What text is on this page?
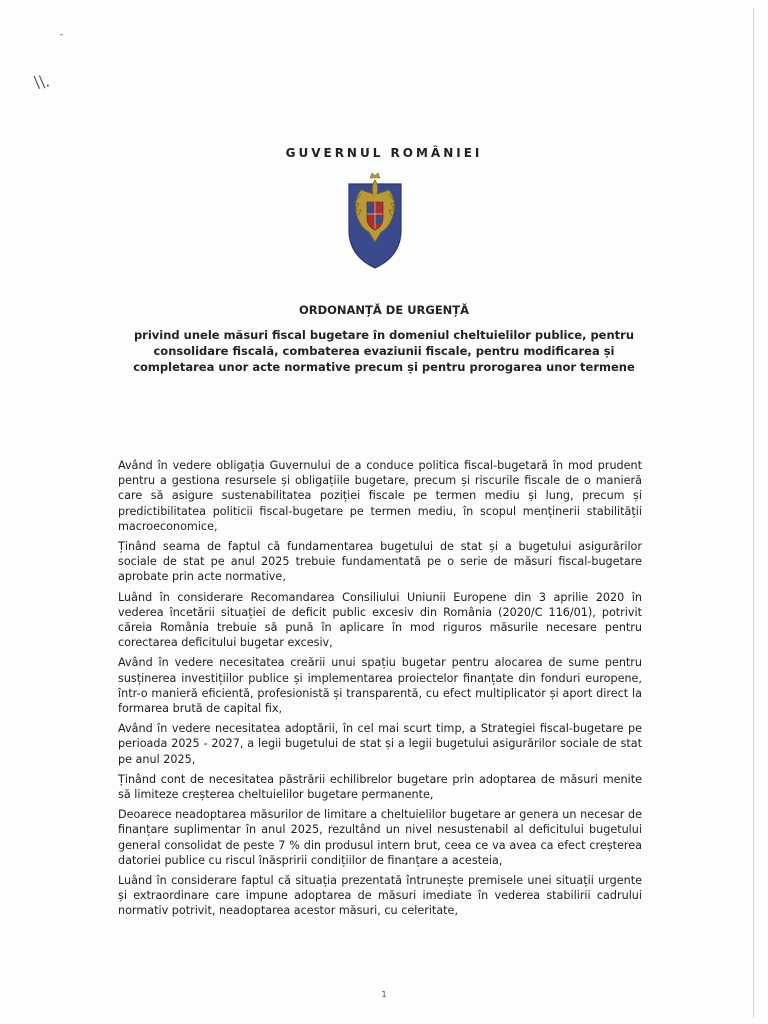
ˉ
\\.
GUVERNUL ROMÂNIEI
ORDONANȚĂ DE URGENȚĂ
privind unele măsuri fiscal bugetare în domeniul cheltuielilor publice, pentru consolidare fiscală, combaterea evaziunii fiscale, pentru modificarea și completarea unor acte normative precum și pentru prorogarea unor termene

Având în vedere obligația Guvernului de a conduce politica fiscal-bugetară în mod prudent pentru a gestiona resursele și obligațiile bugetare, precum și riscurile fiscale de o manieră care să asigure sustenabilitatea poziției fiscale pe termen mediu și lung, precum și predictibilitatea politicii fiscal-bugetare pe termen mediu, în scopul menținerii stabilității macroeconomice,

Ținând seama de faptul că fundamentarea bugetului de stat și a bugetului asigurărilor sociale de stat pe anul 2025 trebuie fundamentată pe o serie de măsuri fiscal-bugetare aprobate prin acte normative,

Luând în considerare Recomandarea Consiliului Uniunii Europene din 3 aprilie 2020 în vederea încetării situației de deficit public excesiv din România (2020/C 116/01), potrivit căreia România trebuie să pună în aplicare în mod riguros măsurile necesare pentru corectarea deficitului bugetar excesiv,

Având în vedere necesitatea creării unui spațiu bugetar pentru alocarea de sume pentru susținerea investițiilor publice și implementarea proiectelor finanțate din fonduri europene, într-o manieră eficientă, profesionistă și transparentă, cu efect multiplicator și aport direct la formarea brută de capital fix,

Având în vedere necesitatea adoptării, în cel mai scurt timp, a Strategiei fiscal-bugetare pe perioada 2025 - 2027, a legii bugetului de stat și a legii bugetului asigurărilor sociale de stat pe anul 2025,

Ținând cont de necesitatea păstrării echilibrelor bugetare prin adoptarea de măsuri menite să limiteze creșterea cheltuielilor bugetare permanente,

Deoarece neadoptarea măsurilor de limitare a cheltuielilor bugetare ar genera un necesar de finanțare suplimentar în anul 2025, rezultând un nivel nesustenabil al deficitului bugetului general consolidat de peste 7 % din produsul intern brut, ceea ce va avea ca efect creșterea datoriei publice cu riscul înăspririi condițiilor de finanțare a acesteia,

Luând în considerare faptul că situația prezentată întrunește premisele unei situații urgente și extraordinare care impune adoptarea de măsuri imediate în vederea stabilirii cadrului normativ potrivit, neadoptarea acestor măsuri, cu celeritate,

1
